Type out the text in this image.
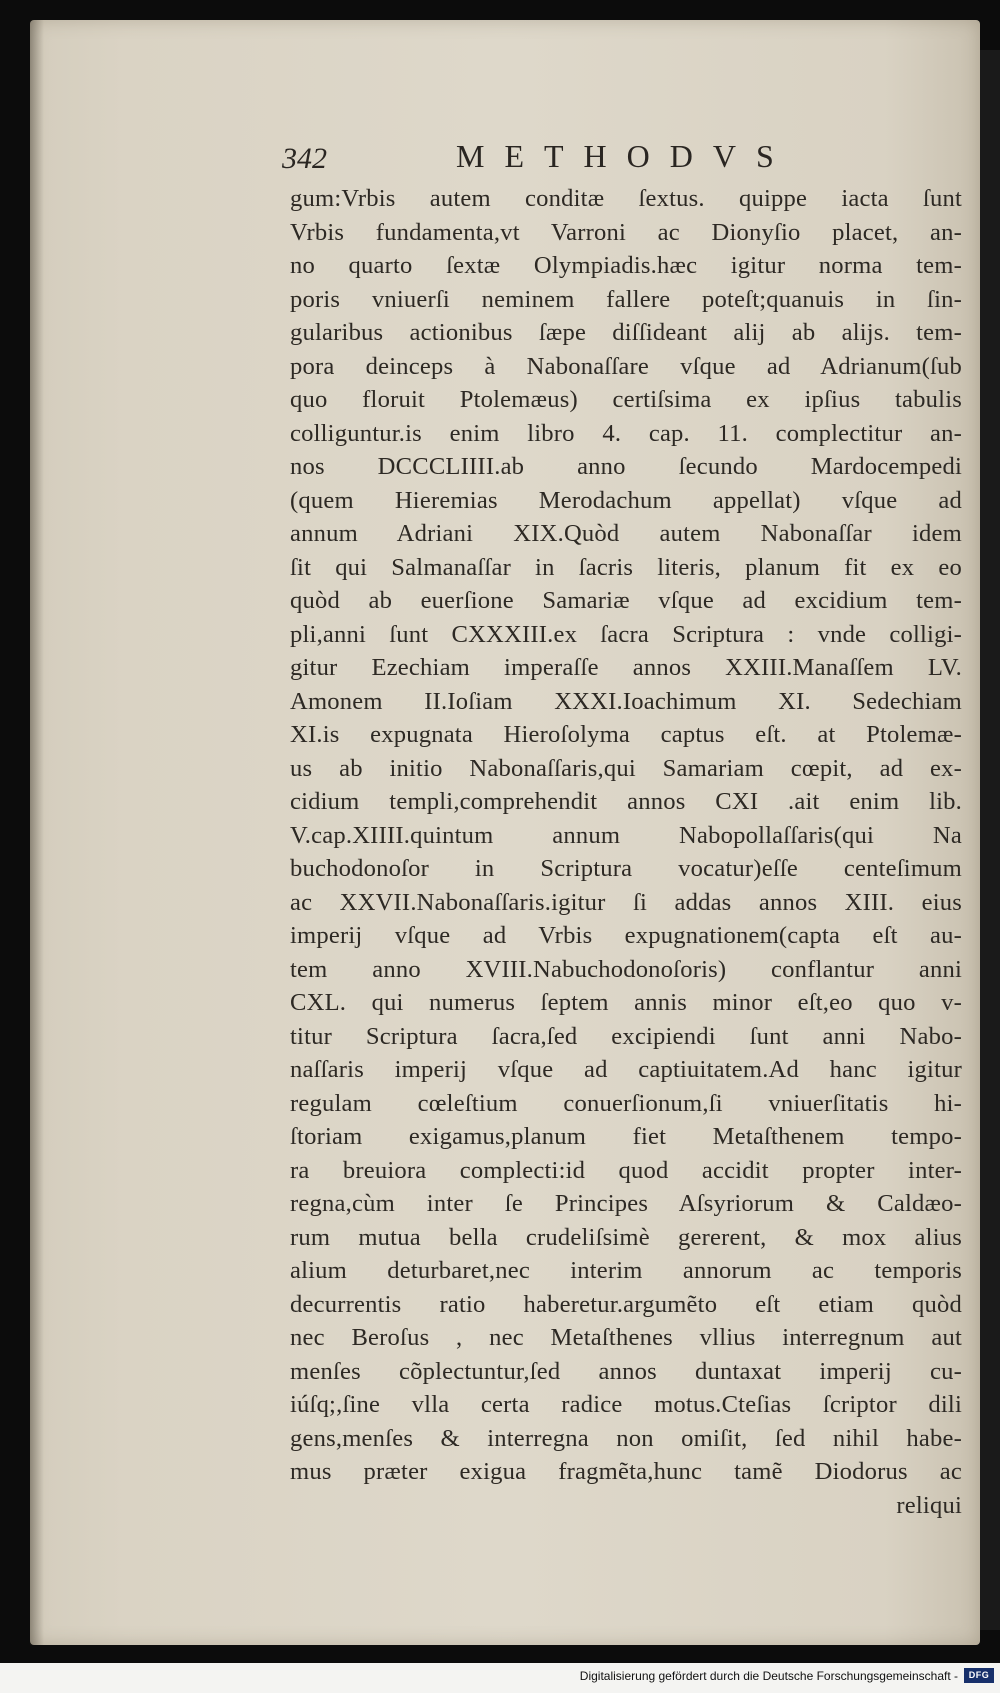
342	METHODVS
gum:Vrbis autem conditæ ſextus. quippe iacta ſunt
Vrbis fundamenta,vt Varroni ac Dionyſio placet, an-
no quarto ſextæ Olympiadis.hæc igitur norma tem-
poris vniuerſi neminem fallere poteſt;quanuis in ſin-
gularibus actionibus ſæpe diſſideant alij ab alijs. tem-
pora deinceps à Nabonaſſare vſque ad Adrianum(ſub
quo floruit Ptolemæus) certiſsima ex ipſius tabulis
colliguntur.is enim libro 4. cap. 11. complectitur an-
nos DCCCLIIII.ab anno ſecundo Mardocempedi
(quem Hieremias Merodachum appellat) vſque ad
annum Adriani XIX.Quòd autem Nabonaſſar idem
ſit qui Salmanaſſar in ſacris literis, planum fit ex eo
quòd ab euerſione Samariæ vſque ad excidium tem-
pli,anni ſunt CXXXIII.ex ſacra Scriptura : vnde colligi-
gitur Ezechiam imperaſſe annos XXIII.Manaſſem LV.
Amonem II.Ioſiam XXXI.Ioachimum XI. Sedechiam
XI.is expugnata Hieroſolyma captus eſt. at Ptolemæ-
us ab initio Nabonaſſaris,qui Samariam cœpit, ad ex-
cidium templi,comprehendit annos CXI .ait enim lib.
V.cap.XIIII.quintum annum Nabopollaſſaris(qui Na
buchodonoſor in Scriptura vocatur)eſſe centeſimum
ac XXVII.Nabonaſſaris.igitur ſi addas annos XIII. eius
imperij vſque ad Vrbis expugnationem(capta eſt au-
tem anno XVIII.Nabuchodonoſoris) conflantur anni
CXL. qui numerus ſeptem annis minor eſt,eo quo v-
titur Scriptura ſacra,ſed excipiendi ſunt anni Nabo-
naſſaris imperij vſque ad captiuitatem.Ad hanc igitur
regulam cœleſtium conuerſionum,ſi vniuerſitatis hi-
ſtoriam exigamus,planum fiet Metaſthenem tempo-
ra breuiora complecti:id quod accidit propter inter-
regna,cùm inter ſe Principes Aſsyriorum & Caldæo-
rum mutua bella crudeliſsimè gererent, & mox alius
alium deturbaret,nec interim annorum ac temporis
decurrentis ratio haberetur.argumẽto eſt etiam quòd
nec Beroſus , nec Metaſthenes vllius interregnum aut
menſes cõplectuntur,ſed annos duntaxat imperij cu-
iúſq;,ſine vlla certa radice motus.Cteſias ſcriptor dili
gens,menſes & interregna non omiſit, ſed nihil habe-
mus præter exigua fragmẽta,hunc tamẽ Diodorus ac
reliqui
Digitalisierung gefördert durch die Deutsche Forschungsgemeinschaft -	DFG
